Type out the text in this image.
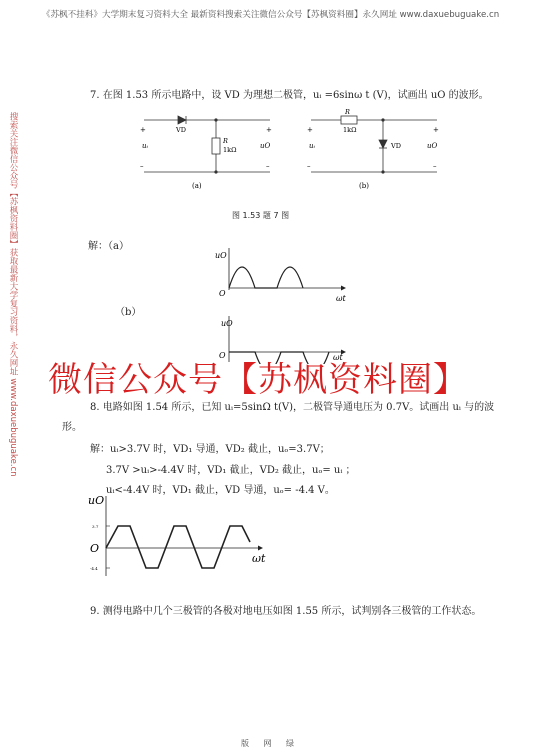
《苏枫不挂科》大学期末复习资料大全 最新资料搜索关注微信公众号【苏枫资料圈】永久网址 www.daxuebuguake.cn
搜索关注微信公众号【苏枫资料圈】获取最新大学复习资料，永久网址 www.daxuebuguake.cn
7. 在图 1.53 所示电路中，设 VD 为理想二极管，uᵢ =6sinω t (V)，试画出 uO 的波形。
+
–
+
–
VD
R
1kΩ
uᵢ	uO
(a)
+
–
+
–
R
1kΩ
VD
uᵢ	uO
(b)
图 1.53 题 7 图
解：（a）
uO
O
ωt
（b）
uO
O	ωt
微信公众号【苏枫资料圈】
8. 电路如图 1.54 所示，已知 uᵢ=5sinΩ t(V)，二极管导通电压为 0.7V。试画出 uᵢ 与的波
形。
解：uᵢ>3.7V 时，VD₁ 导通，VD₂ 截止，uₒ=3.7V；
3.7V >uᵢ>-4.4V 时，VD₁ 截止，VD₂ 截止，uₒ= uᵢ ；
uᵢ<-4.4V 时，VD₁ 截止，VD 导通，uₒ= -4.4 V。
uO
O
ωt
3.7
-4.4
9. 测得电路中几个三极管的各极对地电压如图 1.55 所示，试判别各三极管的工作状态。
版 网 绿
